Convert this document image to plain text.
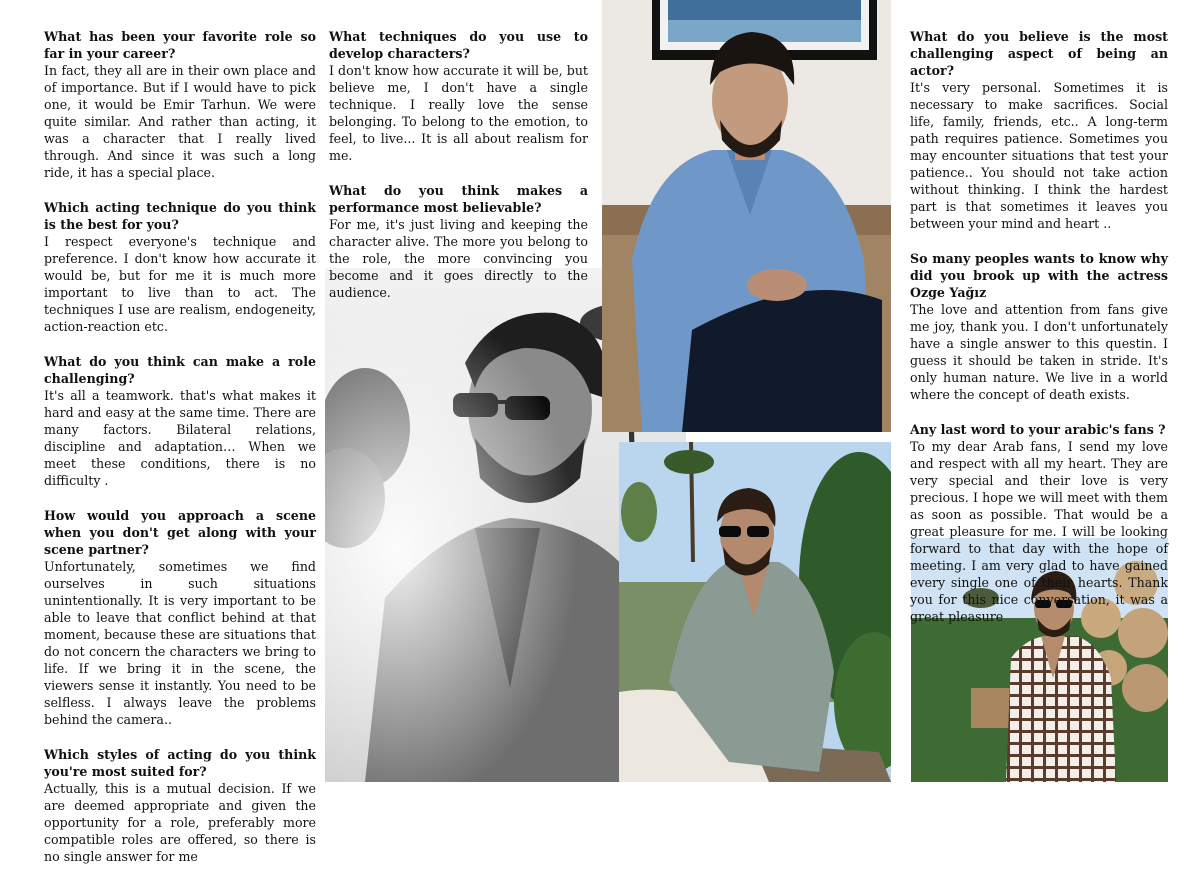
What has been your favorite role so far in your career?

In fact, they all are in their own place and of importance. But if I would have to pick one, it would be Emir Tarhun. We were quite similar. And rather than acting, it was a character that I really lived through. And since it was such a long ride, it has a special place.

Which acting technique do you think is the best for you?

I respect everyone's technique and preference. I don't know how accurate it would be, but for me it is much more important to live than to act. The techniques I use are realism, endogeneity, action-reaction etc.

What do you think can make a role challenging?

It's all a teamwork. that's what makes it hard and easy at the same time. There are many factors. Bilateral relations, discipline and adaptation… When we meet these conditions, there is no difficulty .

How would you approach a scene when you don't get along with your scene partner?

Unfortunately, sometimes we find ourselves in such situations unintentionally. It is very important to be able to leave that conflict behind at that moment, because these are situations that do not concern the characters we bring to life. If we bring it in the scene, the viewers sense it instantly. You need to be selfless. I always leave the problems behind the camera..

Which styles of acting do you think you're most suited for?

Actually, this is a mutual decision. If we are deemed appropriate and given the opportunity for a role, preferably more compatible roles are offered, so there is no single answer for me

What techniques do you use to develop characters?

I don't know how accurate it will be, but believe me, I don't have a single technique. I really love the sense belonging. To belong to the emotion, to feel, to live... It is all about realism for me.

What do you think makes a performance most believable?

For me, it's just living and keeping the character alive. The more you belong to the role, the more convincing you become and it goes directly to the audience.

What do you believe is the most challenging aspect of being an actor?

It's very personal. Sometimes it is necessary to make sacrifices. Social life, family, friends, etc.. A long-term path requires patience. Sometimes you may encounter situations that test your patience.. You should not take action without thinking. I think the hardest part is that sometimes it leaves you between your mind and heart ..

So many peoples wants to know why did you brook up with the actress Ozge Yağız

The love and attention from fans give me joy, thank you. I don't unfortunately have a single answer to this questin. I guess it should be taken in stride. It's only human nature. We live in a world where the concept of death exists.

Any last word to your arabic's fans ?

To my dear Arab fans, I send my love and respect with all my heart. They are very special and their love is very precious. I hope we will meet with them as soon as possible. That would be a great pleasure for me. I will be looking forward to that day with the hope of meeting. I am very glad to have gained every single one of their hearts. Thank you for this nice conversation, it was a great pleasure
